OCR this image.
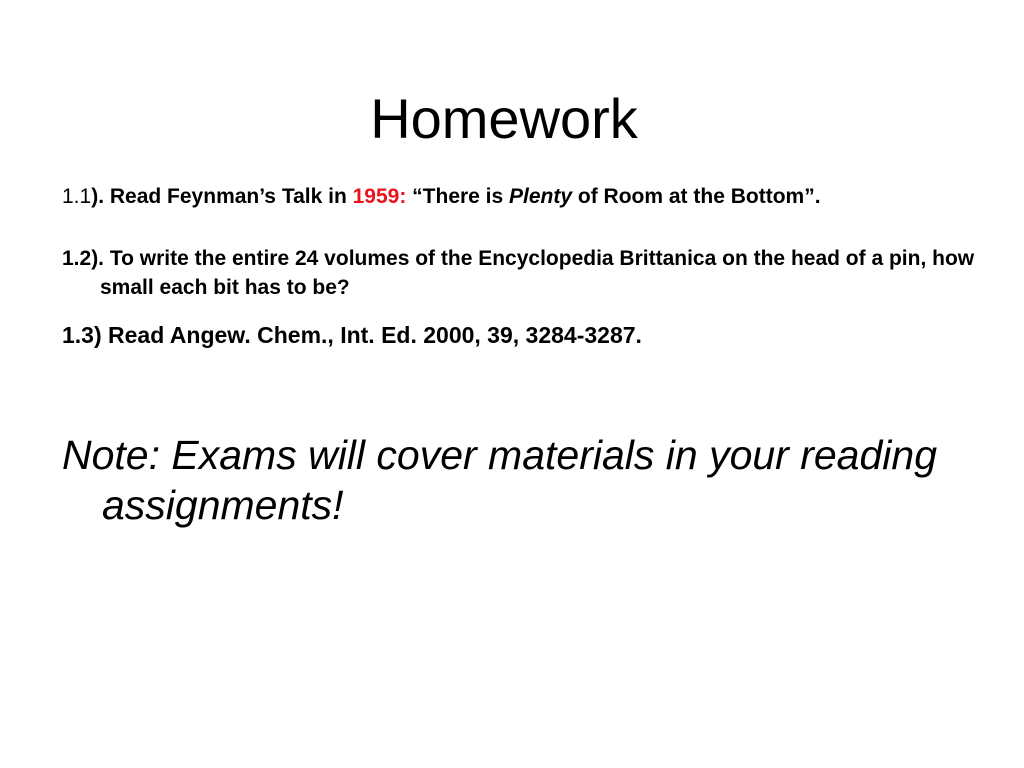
Homework
1.1). Read Feynman’s Talk in 1959: “There is Plenty of Room at the Bottom”.
1.2). To write the entire 24 volumes of the Encyclopedia Brittanica on the head of a pin, how small each bit has to be?
1.3) Read Angew. Chem., Int. Ed. 2000, 39, 3284-3287.
Note: Exams will cover materials in your reading assignments!
